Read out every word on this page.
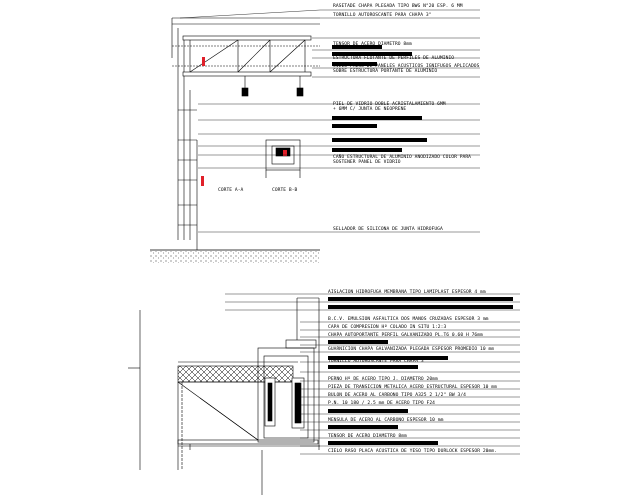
RASETADE CHAPA PLEGADA TIPO BWG N°20 ESP. 6 MM
TORNILLO AUTOROSCANTE PARA CHAPA 3"
TENSOR DE ACERO DIAMETRO 8mm
ESTRUCTURA FLOTANTE DE PERFILES DE ALUMINIO
CIELO FALSO DE PANELES ACUSTICOS IGNIFUGOS APLICADOS SOBRE ESTRUCTURA PORTANTE DE ALUMINIO
PIEL DE VIDRIO DOBLE ACRISTALAMIENTO 6MM + 6MM C/ JUNTA DE NEOPRENE
CAÑO ESTRUCTURAL DE ALUMINIO ANODIZADO COLOR PARA SOSTENER PANEL DE VIDRIO
SELLADOR DE SILICONA DE JUNTA HIDROFUGA
CORTE A-A	CORTE B-B
AISLACION HIDROFUGA MEMBRANA TIPO LAMIPLAST ESPESOR 4 mm
B.C.V. EMULSION ASFALTICA DOS MANOS CRUZADAS ESPESOR 3 mm
CAPA DE COMPRESION Hº COLADO IN SITU 1:2:3
CHAPA AUTOPORTANTE PERFIL GALVANIZADO PL.T6 0.60 H 76mm
GUARNICION CHAPA GALVANIZADA PLEGADA ESPESOR PROMEDIO 10 mm
TORNILLO AUTOROSCANTE PARA CHAPA 3"
PERNO Hº DE ACERO TIPO J. DIAMETRO 20mm
PIEZA DE TRANSICION METALICA ACERO ESTRUCTURAL ESPESOR 10 mm
BULON DE ACERO AL CARBONO TIPO A325 2 1/2" BW 3/4
P.N. 10 180 / 2.5 mm DE ACERO TIPO F24
MENSULA DE ACERO AL CARBONO ESPESOR 10 mm
TENSOR DE ACERO DIAMETRO 8mm
CIELO RASO PLACA ACUSTICA DE YESO TIPO DURLOCK ESPESOR 20mm.
